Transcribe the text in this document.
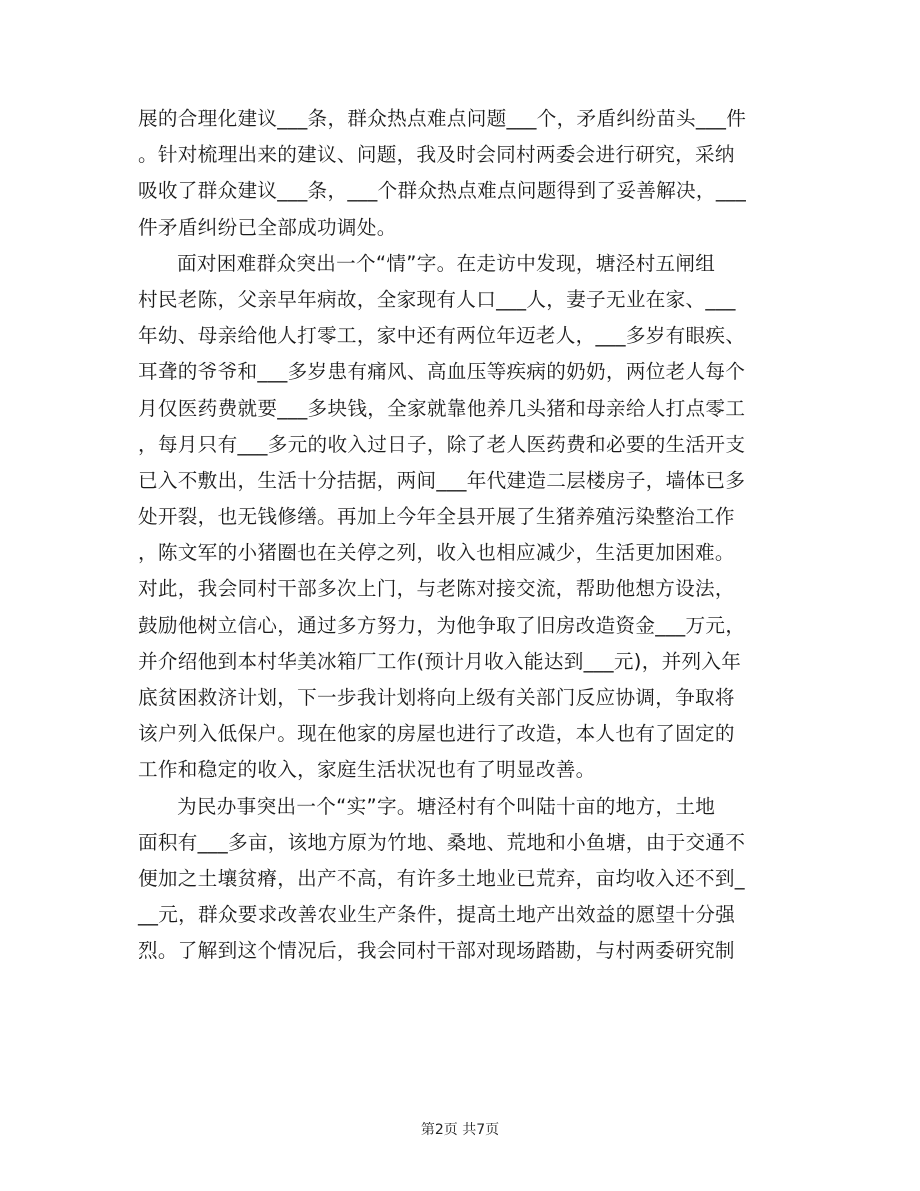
展的合理化建议___条，群众热点难点问题___个，矛盾纠纷苗头___件
。针对梳理出来的建议、问题，我及时会同村两委会进行研究，采纳
吸收了群众建议___条，___个群众热点难点问题得到了妥善解决，___
件矛盾纠纷已全部成功调处。
面对困难群众突出一个“情”字。在走访中发现，塘泾村五闸组
村民老陈，父亲早年病故，全家现有人口___人，妻子无业在家、___
年幼、母亲给他人打零工，家中还有两位年迈老人，___多岁有眼疾、
耳聋的爷爷和___多岁患有痛风、高血压等疾病的奶奶，两位老人每个
月仅医药费就要___多块钱，全家就靠他养几头猪和母亲给人打点零工
，每月只有___多元的收入过日子，除了老人医药费和必要的生活开支
已入不敷出，生活十分拮据，两间___年代建造二层楼房子，墙体已多
处开裂，也无钱修缮。再加上今年全县开展了生猪养殖污染整治工作
，陈文军的小猪圈也在关停之列，收入也相应减少，生活更加困难。
对此，我会同村干部多次上门，与老陈对接交流，帮助他想方设法，
鼓励他树立信心，通过多方努力，为他争取了旧房改造资金___万元，
并介绍他到本村华美冰箱厂工作(预计月收入能达到___元)，并列入年
底贫困救济计划，下一步我计划将向上级有关部门反应协调，争取将
该户列入低保户。现在他家的房屋也进行了改造，本人也有了固定的
工作和稳定的收入，家庭生活状况也有了明显改善。
为民办事突出一个“实”字。塘泾村有个叫陆十亩的地方，土地
面积有___多亩，该地方原为竹地、桑地、荒地和小鱼塘，由于交通不
便加之土壤贫瘠，出产不高，有许多土地业已荒弃，亩均收入还不到_
__元，群众要求改善农业生产条件，提高土地产出效益的愿望十分强
烈。了解到这个情况后，我会同村干部对现场踏勘，与村两委研究制
第2页 共7页
